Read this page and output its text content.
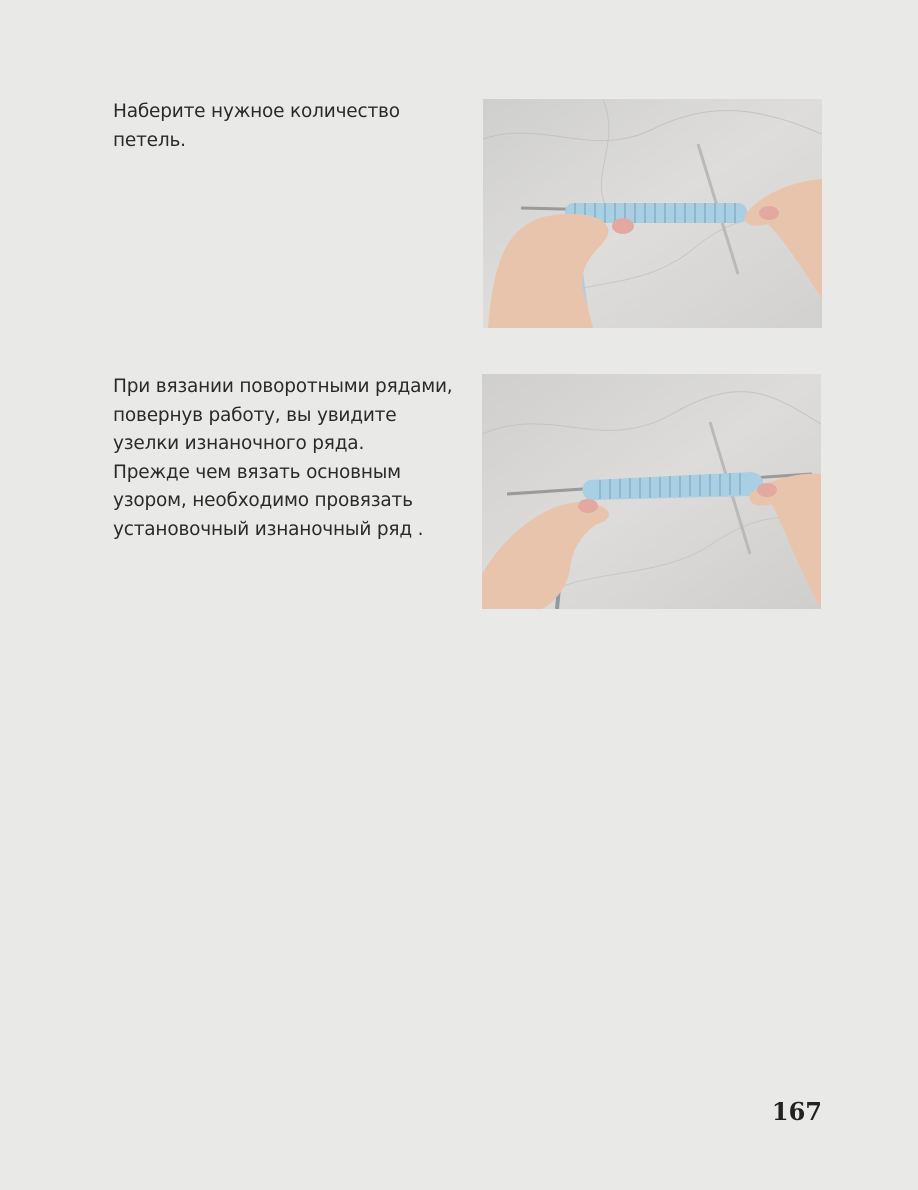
Наберите нужное количество
петель.
При вязании поворотными рядами,
повернув работу, вы увидите
узелки изнаночного ряда.
Прежде чем вязать основным
узором, необходимо провязать
установочный изнаночный ряд .
167
